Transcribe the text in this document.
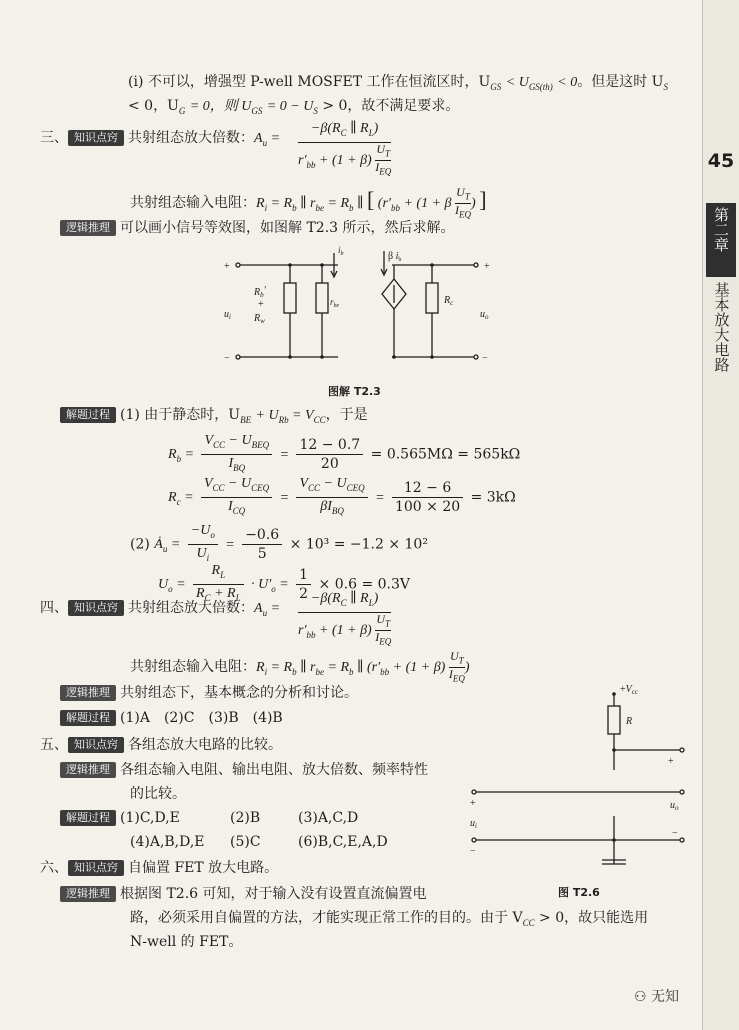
45
第二章
基本放大电路
(i) 不可以，增强型 P-well MOSFET 工作在恒流区时，$U_{GS} < U_{GS(th)} < 0$。但是这时 $U_S$
< 0，$U_G = 0$，则 $U_{GS} = 0 - U_S > 0$，故不满足要求。
三、 知识点窍 共射组态放大倍数：$A_u$ =
$-\beta(R_C$ ∥ $R_L$)
$r'_{bb} + (1 + \beta)$
$U_T$
$I_{EQ}$
共射组态输入电阻：$R_i = R_b$ ∥ $r_{be} = R_b$ ∥ [ ($r'_{bb} + (1 + \beta$
$U_T$
$I_{EQ}$
) ]
逻辑推理 可以画小信号等效图，如图解 T2.3 所示，然后求解。
+
−
+
−
$u_i$	$u_o$
$R_b'$
+
$R_w$
$r_{be}$
$i_b$	β $i_b$
$R_c$
图解 T2.3
解题过程 (1) 由于静态时，$U_{BE} + U_{Rb} = V_{CC}$，于是
$R_b = \frac{V_{CC} - U_{BEQ}}{I_{BQ}} = \frac{12 - 0.7}{20} = 0.565M\Omega = 565k\Omega$
$R_c = \frac{V_{CC} - U_{CEQ}}{I_{CQ}} = \frac{V_{CC} - U_{CEQ}}{\beta I_{BQ}} = \frac{12 - 6}{100 \times 20} = 3k\Omega$
(2) $Ȧ_u = \frac{-U_o}{U_i} = \frac{-0.6}{5} \times 10^3 = -1.2 \times 10^2$
$U_o = \frac{R_L}{R_C + R_L} \cdot U'_o = \frac{1}{2} \times 0.6 = 0.3V$
四、 知识点窍 共射组态放大倍数：$A_u$ =
$-\beta(R_C$ ∥ $R_L$)
$r'_{bb} + (1 + \beta)$
$U_T$
$I_{EQ}$
共射组态输入电阻：$R_i = R_b$ ∥ $r_{be} = R_b$ ∥ ($r'_{bb} + (1 + \beta)$
$U_T$
$I_{EQ}$
)
逻辑推理 共射组态下，基本概念的分析和讨论。
解题过程 (1)A　(2)C　(3)B　(4)B
五、 知识点窍 各组态放大电路的比较。
逻辑推理 各组态输入电阻、输出电阻、放大倍数、频率特性
的比较。
解题过程 (1)C,D,E	(2)B	(3)A,C,D
(4)A,B,D,E (5)C	(6)B,C,E,A,D
六、 知识点窍 自偏置 FET 放大电路。
逻辑推理 根据图 T2.6 可知，对于输入没有设置直流偏置电
路，必须采用自偏置的方法，才能实现正常工作的目的。由于 $V_{CC} > 0$，故只能选用
N-well 的 FET。
$+V_{cc}$
R
+
+
$u_i$
$u_o$
−
−
图 T2.6
⚇ 无知
